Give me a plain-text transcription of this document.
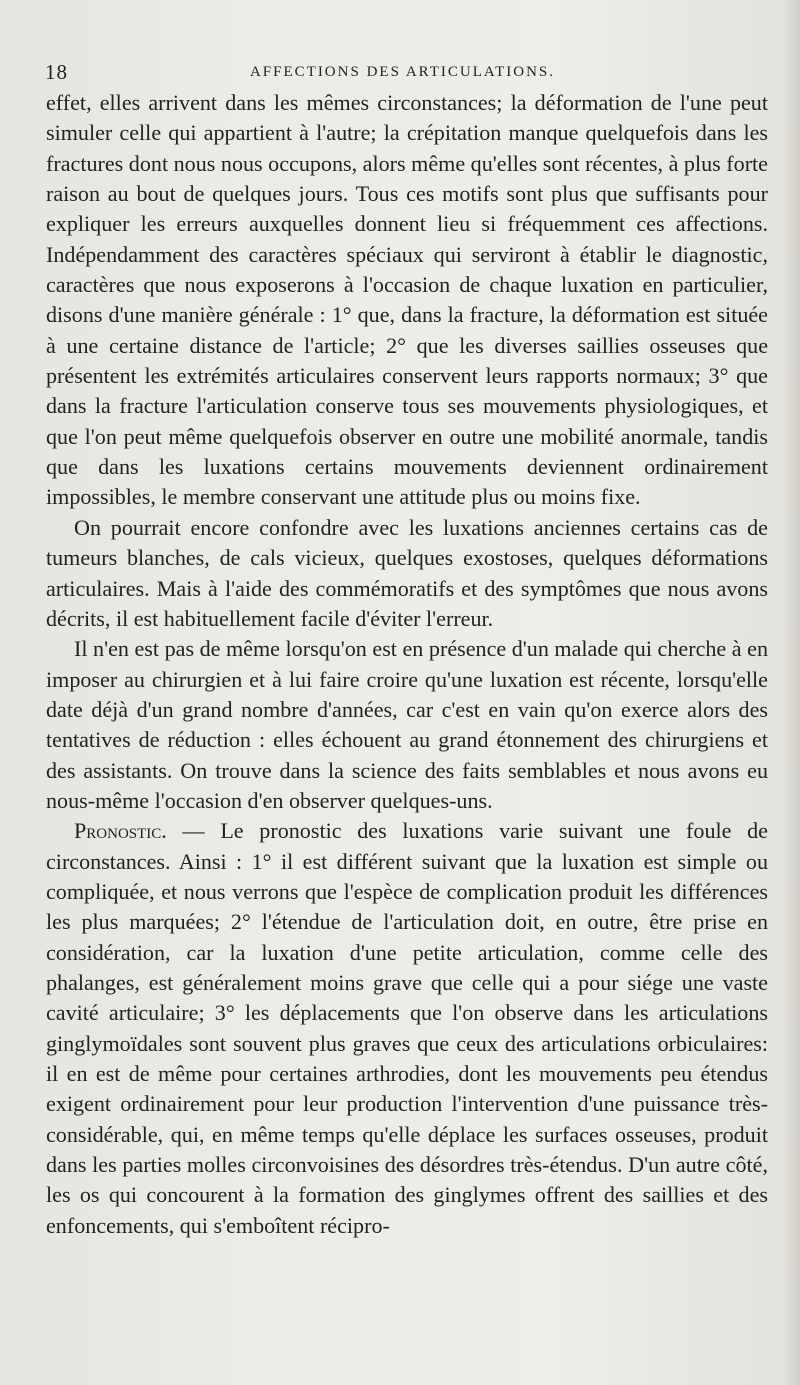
18	AFFECTIONS DES ARTICULATIONS.

effet, elles arrivent dans les mêmes circonstances; la déformation de l'une peut simuler celle qui appartient à l'autre; la crépitation manque quelquefois dans les fractures dont nous nous occupons, alors même qu'elles sont récentes, à plus forte raison au bout de quelques jours. Tous ces motifs sont plus que suffisants pour expliquer les erreurs auxquelles donnent lieu si fréquemment ces affections. Indépendamment des caractères spéciaux qui serviront à établir le diagnostic, caractères que nous exposerons à l'occasion de chaque luxation en particulier, disons d'une manière générale : 1° que, dans la fracture, la déformation est située à une certaine distance de l'article; 2° que les diverses saillies osseuses que présentent les extrémités articulaires conservent leurs rapports normaux; 3° que dans la fracture l'articulation conserve tous ses mouvements physiologiques, et que l'on peut même quelquefois observer en outre une mobilité anormale, tandis que dans les luxations certains mouvements deviennent ordinairement impossibles, le membre conservant une attitude plus ou moins fixe.

On pourrait encore confondre avec les luxations anciennes certains cas de tumeurs blanches, de cals vicieux, quelques exostoses, quelques déformations articulaires. Mais à l'aide des commémoratifs et des symptômes que nous avons décrits, il est habituellement facile d'éviter l'erreur.

Il n'en est pas de même lorsqu'on est en présence d'un malade qui cherche à en imposer au chirurgien et à lui faire croire qu'une luxation est récente, lorsqu'elle date déjà d'un grand nombre d'années, car c'est en vain qu'on exerce alors des tentatives de réduction : elles échouent au grand étonnement des chirurgiens et des assistants. On trouve dans la science des faits semblables et nous avons eu nous-même l'occasion d'en observer quelques-uns.

Pronostic. — Le pronostic des luxations varie suivant une foule de circonstances. Ainsi : 1° il est différent suivant que la luxation est simple ou compliquée, et nous verrons que l'espèce de complication produit les différences les plus marquées; 2° l'étendue de l'articulation doit, en outre, être prise en considération, car la luxation d'une petite articulation, comme celle des phalanges, est généralement moins grave que celle qui a pour siége une vaste cavité articulaire; 3° les déplacements que l'on observe dans les articulations ginglymoïdales sont souvent plus graves que ceux des articulations orbiculaires: il en est de même pour certaines arthrodies, dont les mouvements peu étendus exigent ordinairement pour leur production l'intervention d'une puissance très-considérable, qui, en même temps qu'elle déplace les surfaces osseuses, produit dans les parties molles circonvoisines des désordres très-étendus. D'un autre côté, les os qui concourent à la formation des ginglymes offrent des saillies et des enfoncements, qui s'emboîtent récipro-
